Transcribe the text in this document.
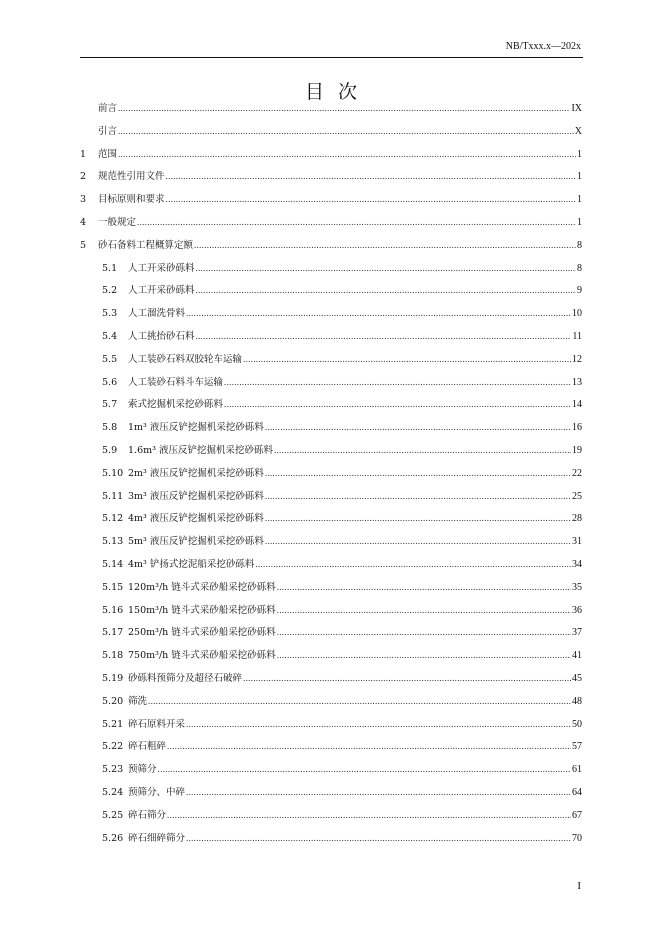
NB/Txxx.x—202x
目次
前言 .....	IX
引言 .....	X
1	范围 .....	1
2	规范性引用文件 .....	1
3	目标原则和要求 .....	1
4	一般规定 .....	1
5	砂石备料工程概算定额 .....	8
5.1	人工开采砂砾料 .....	8
5.2	人工开采砂砾料 .....	9
5.3	人工溜洗骨料 .....	10
5.4	人工挑抬砂石料 .....	11
5.5	人工装砂石料双胶轮车运输 .....	12
5.6	人工装砂石料斗车运输 .....	13
5.7	索式挖掘机采挖砂砾料 .....	14
5.8	1m³ 液压反铲挖掘机采挖砂砾料 .....	16
5.9	1.6m³ 液压反铲挖掘机采挖砂砾料 .....	19
5.10 2m³ 液压反铲挖掘机采挖砂砾料 .....	22
5.11 3m³ 液压反铲挖掘机采挖砂砾料 .....	25
5.12 4m³ 液压反铲挖掘机采挖砂砾料 .....	28
5.13 5m³ 液压反铲挖掘机采挖砂砾料 .....	31
5.14 4m³ 铲扬式挖泥船采挖砂砾料 .....	34
5.15 120m³/h 链斗式采砂船采挖砂砾料 .....	35
5.16 150m³/h 链斗式采砂船采挖砂砾料 .....	36
5.17 250m³/h 链斗式采砂船采挖砂砾料 .....	37
5.18 750m³/h 链斗式采砂船采挖砂砾料 .....	41
5.19 砂砾料预筛分及超径石破碎 .....	45
5.20 筛洗 .....	48
5.21 碎石原料开采 .....	50
5.22 碎石粗碎 .....	57
5.23 预筛分 .....	61
5.24 预筛分、中碎 .....	64
5.25 碎石筛分 .....	67
5.26 碎石细碎筛分 .....	70
I
